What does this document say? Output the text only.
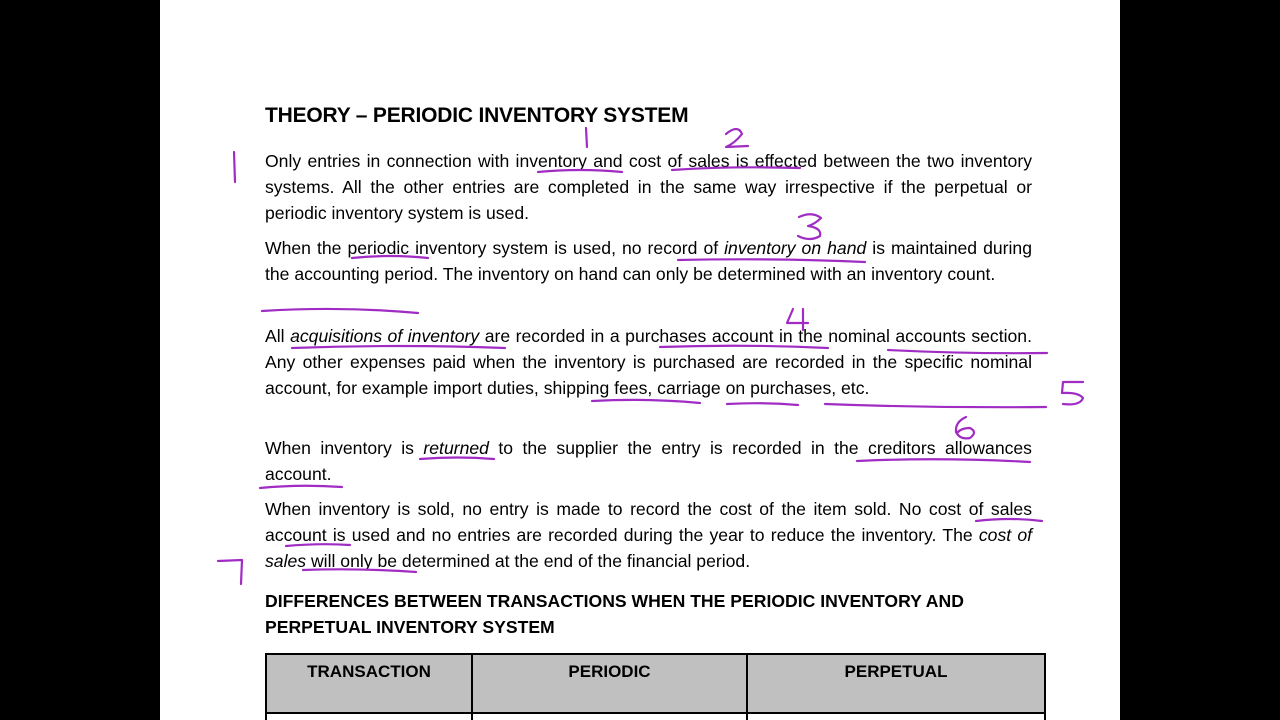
THEORY – PERIODIC INVENTORY SYSTEM

Only entries in connection with inventory and cost of sales is effected between the two inventory systems. All the other entries are completed in the same way irrespective if the perpetual or periodic inventory system is used.

When the periodic inventory system is used, no record of inventory on hand is maintained during the accounting period. The inventory on hand can only be determined with an inventory count.

All acquisitions of inventory are recorded in a purchases account in the nominal accounts section. Any other expenses paid when the inventory is purchased are recorded in the specific nominal account, for example import duties, shipping fees, carriage on purchases, etc.

When inventory is returned to the supplier the entry is recorded in the creditors allowances account.

When inventory is sold, no entry is made to record the cost of the item sold. No cost of sales account is used and no entries are recorded during the year to reduce the inventory. The cost of sales will only be determined at the end of the financial period.

DIFFERENCES BETWEEN TRANSACTIONS WHEN THE PERIODIC INVENTORY AND PERPETUAL INVENTORY SYSTEM
TRANSACTION	PERIODIC	PERPETUAL
